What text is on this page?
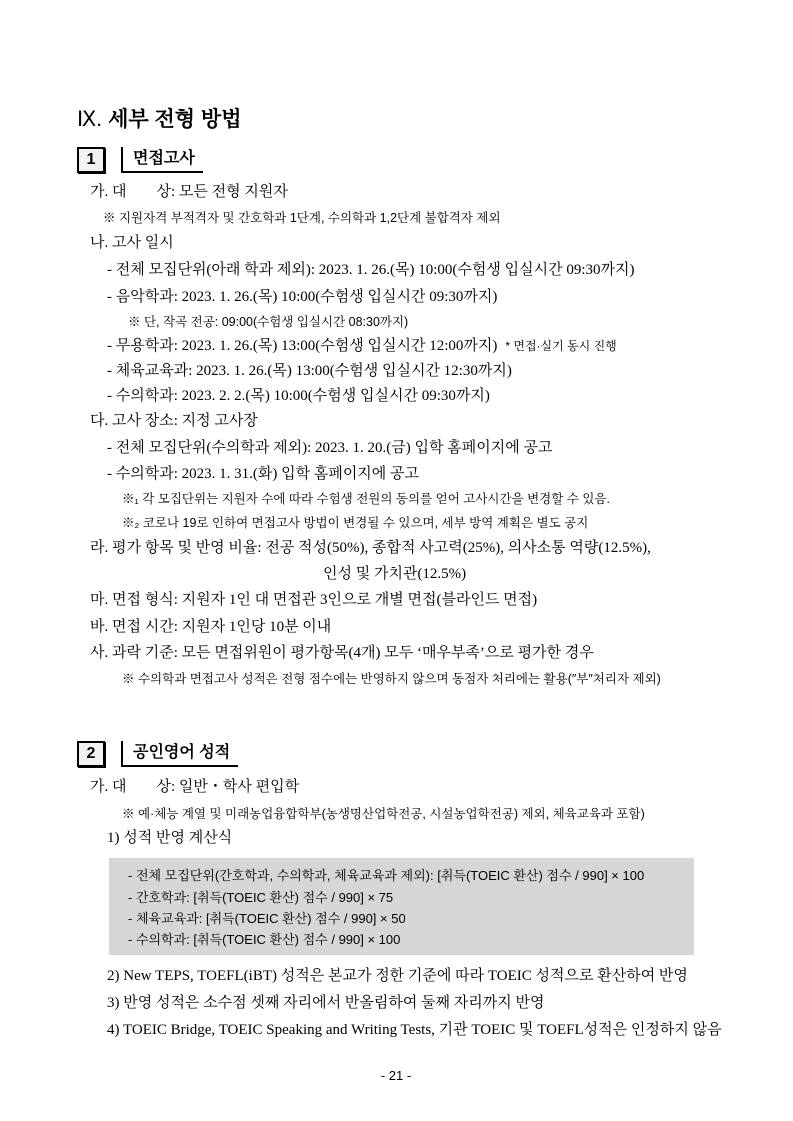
Ⅸ. 세부 전형 방법
1	면접고사
가. 대　　상: 모든 전형 지원자
※ 지원자격 부적격자 및 간호학과 1단계, 수의학과 1,2단계 불합격자 제외
나. 고사 일시
- 전체 모집단위(아래 학과 제외): 2023. 1. 26.(목) 10:00(수험생 입실시간 09:30까지)
- 음악학과: 2023. 1. 26.(목) 10:00(수험생 입실시간 09:30까지)
※ 단, 작곡 전공: 09:00(수험생 입실시간 08:30까지)
- 무용학과: 2023. 1. 26.(목) 13:00(수험생 입실시간 12:00까지) * 면접·실기 동시 진행
- 체육교육과: 2023. 1. 26.(목) 13:00(수험생 입실시간 12:30까지)
- 수의학과: 2023. 2. 2.(목) 10:00(수험생 입실시간 09:30까지)
다. 고사 장소: 지정 고사장
- 전체 모집단위(수의학과 제외): 2023. 1. 20.(금) 입학 홈페이지에 공고
- 수의학과: 2023. 1. 31.(화) 입학 홈페이지에 공고
※₁ 각 모집단위는 지원자 수에 따라 수험생 전원의 동의를 얻어 고사시간을 변경할 수 있음.
※₂ 코로나 19로 인하여 면접고사 방법이 변경될 수 있으며, 세부 방역 계획은 별도 공지
라. 평가 항목 및 반영 비율: 전공 적성(50%), 종합적 사고력(25%), 의사소통 역량(12.5%),
인성 및 가치관(12.5%)
마. 면접 형식: 지원자 1인 대 면접관 3인으로 개별 면접(블라인드 면접)
바. 면접 시간: 지원자 1인당 10분 이내
사. 과락 기준: 모든 면접위원이 평가항목(4개) 모두 ‘매우부족’으로 평가한 경우
※ 수의학과 면접고사 성적은 전형 점수에는 반영하지 않으며 동점자 처리에는 활용(″부″처리자 제외)
2	공인영어 성적
가. 대　　상: 일반・학사 편입학
※ 예·체능 계열 및 미래농업융합학부(농생명산업학전공, 시설농업학전공) 제외, 체육교육과 포함)
1) 성적 반영 계산식
- 전체 모집단위(간호학과, 수의학과, 체육교육과 제외): [취득(TOEIC 환산) 점수 / 990] × 100
- 간호학과: [취득(TOEIC 환산) 점수 / 990] × 75
- 체육교육과: [취득(TOEIC 환산) 점수 / 990] × 50
- 수의학과: [취득(TOEIC 환산) 점수 / 990] × 100
2) New TEPS, TOEFL(iBT) 성적은 본교가 정한 기준에 따라 TOEIC 성적으로 환산하여 반영
3) 반영 성적은 소수점 셋째 자리에서 반올림하여 둘째 자리까지 반영
4) TOEIC Bridge, TOEIC Speaking and Writing Tests, 기관 TOEIC 및 TOEFL성적은 인정하지 않음
- 21 -
